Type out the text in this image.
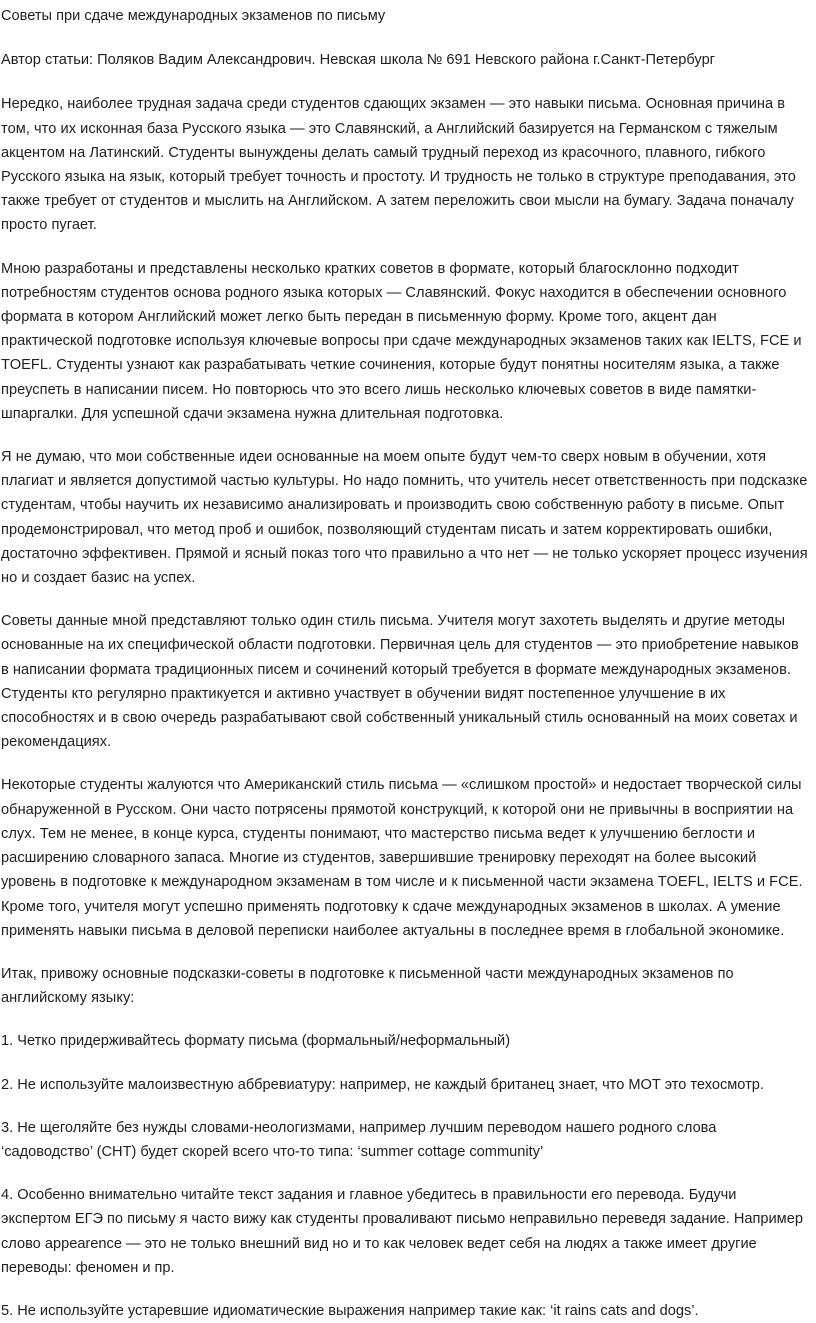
Советы при сдаче международных экзаменов по письму

Автор статьи: Поляков Вадим Александрович. Невская школа № 691 Невского района г.Санкт-Петербург

Нередко, наиболее трудная задача среди студентов сдающих экзамен — это навыки письма. Основная причина в том, что их исконная база Русского языка — это Славянский, а Английский базируется на Германском с тяжелым акцентом на Латинский. Студенты вынуждены делать самый трудный переход из красочного, плавного, гибкого Русского языка на язык, который требует точность и простоту. И трудность не только в структуре преподавания, это также требует от студентов и мыслить на Английском. А затем переложить свои мысли на бумагу. Задача поначалу просто пугает.

Мною разработаны и представлены несколько кратких советов в формате, который благосклонно подходит потребностям студентов основа родного языка которых — Славянский. Фокус находится в обеспечении основного формата в котором Английский может легко быть передан в письменную форму. Кроме того, акцент дан практической подготовке используя ключевые вопросы при сдаче международных экзаменов таких как IELTS, FCE и TOEFL. Студенты узнают как разрабатывать четкие сочинения, которые будут понятны носителям языка, а также преуспеть в написании писем. Но повторюсь что это всего лишь несколько ключевых советов в виде памятки-шпаргалки. Для успешной сдачи экзамена нужна длительная подготовка.

Я не думаю, что мои собственные идеи основанные на моем опыте будут чем-то сверх новым в обучении, хотя плагиат и является допустимой частью культуры. Но надо помнить, что учитель несет ответственность при подсказке студентам, чтобы научить их независимо анализировать и производить свою собственную работу в письме. Опыт продемонстрировал, что метод проб и ошибок, позволяющий студентам писать и затем корректировать ошибки, достаточно эффективен. Прямой и ясный показ того что правильно а что нет — не только ускоряет процесс изучения но и создает базис на успех.

Советы данные мной представляют только один стиль письма. Учителя могут захотеть выделять и другие методы основанные на их специфической области подготовки. Первичная цель для студентов — это приобретение навыков в написании формата традиционных писем и сочинений который требуется в формате международных экзаменов. Студенты кто регулярно практикуется и активно участвует в обучении видят постепенное улучшение в их способностях и в свою очередь разрабатывают свой собственный уникальный стиль основанный на моих советах и рекомендациях.

Некоторые студенты жалуются что Американский стиль письма — «слишком простой» и недостает творческой силы обнаруженной в Русском. Они часто потрясены прямотой конструкций, к которой они не привычны в восприятии на слух. Тем не менее, в конце курса, студенты понимают, что мастерство письма ведет к улучшению беглости и расширению словарного запаса. Многие из студентов, завершившие тренировку переходят на более высокий уровень в подготовке к международном экзаменам в том числе и к письменной части экзамена TOEFL, IELTS и FCE. Кроме того, учителя могут успешно применять подготовку к сдаче международных экзаменов в школах. А умение применять навыки письма в деловой переписки наиболее актуальны в последнее время в глобальной экономике.

Итак, привожу основные подсказки-советы в подготовке к письменной части международных экзаменов по английскому языку:

1. Четко придерживайтесь формату письма (формальный/неформальный)

2. Не используйте малоизвестную аббревиатуру: например, не каждый британец знает, что MOT это техосмотр.

3. Не щеголяйте без нужды словами-неологизмами, например лучшим переводом нашего родного слова ‘садоводство’ (СНТ) будет скорей всего что-то типа: ‘summer cottage community’

4. Особенно внимательно читайте текст задания и главное убедитесь в правильности его перевода. Будучи экспертом ЕГЭ по письму я часто вижу как студенты проваливают письмо неправильно переведя задание. Например слово appearence — это не только внешний вид но и то как человек ведет себя на людях а также имеет другие переводы: феномен и пр.

5. Не используйте устаревшие идиоматические выражения например такие как: ‘it rains cats and dogs’.
